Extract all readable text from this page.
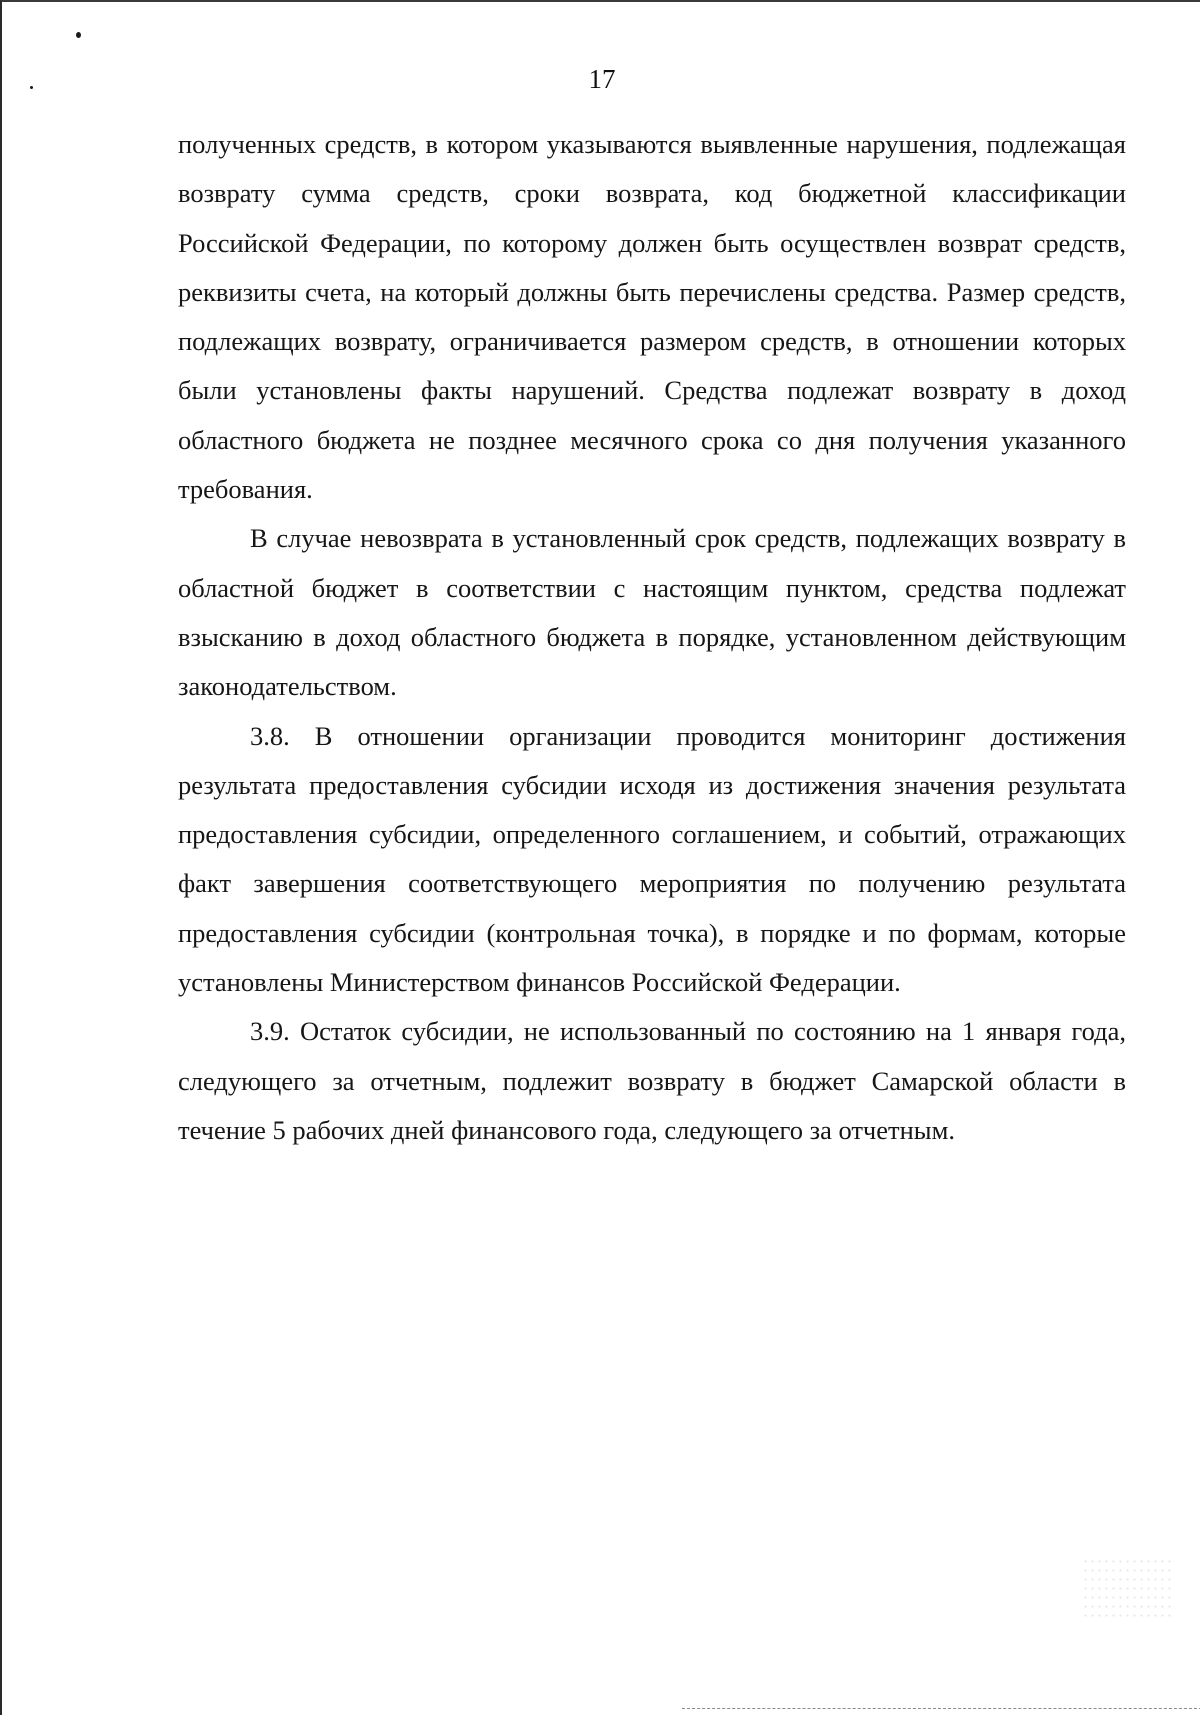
17

полученных средств, в котором указываются выявленные нарушения, подлежащая возврату сумма средств, сроки возврата, код бюджетной классификации Российской Федерации, по которому должен быть осуществлен возврат средств, реквизиты счета, на который должны быть перечислены средства. Размер средств, подлежащих возврату, ограничивается размером средств, в отношении которых были установлены факты нарушений. Средства подлежат возврату в доход областного бюджета не позднее месячного срока со дня получения указанного требования.

В случае невозврата в установленный срок средств, подлежащих возврату в областной бюджет в соответствии с настоящим пунктом, средства подлежат взысканию в доход областного бюджета в порядке, установленном действующим законодательством.

3.8. В отношении организации проводится мониторинг достижения результата предоставления субсидии исходя из достижения значения результата предоставления субсидии, определенного соглашением, и событий, отражающих факт завершения соответствующего мероприятия по получению результата предоставления субсидии (контрольная точка), в порядке и по формам, которые установлены Министерством финансов Российской Федерации.

3.9. Остаток субсидии, не использованный по состоянию на 1 января года, следующего за отчетным, подлежит возврату в бюджет Самарской области в течение 5 рабочих дней финансового года, следующего за отчетным.
